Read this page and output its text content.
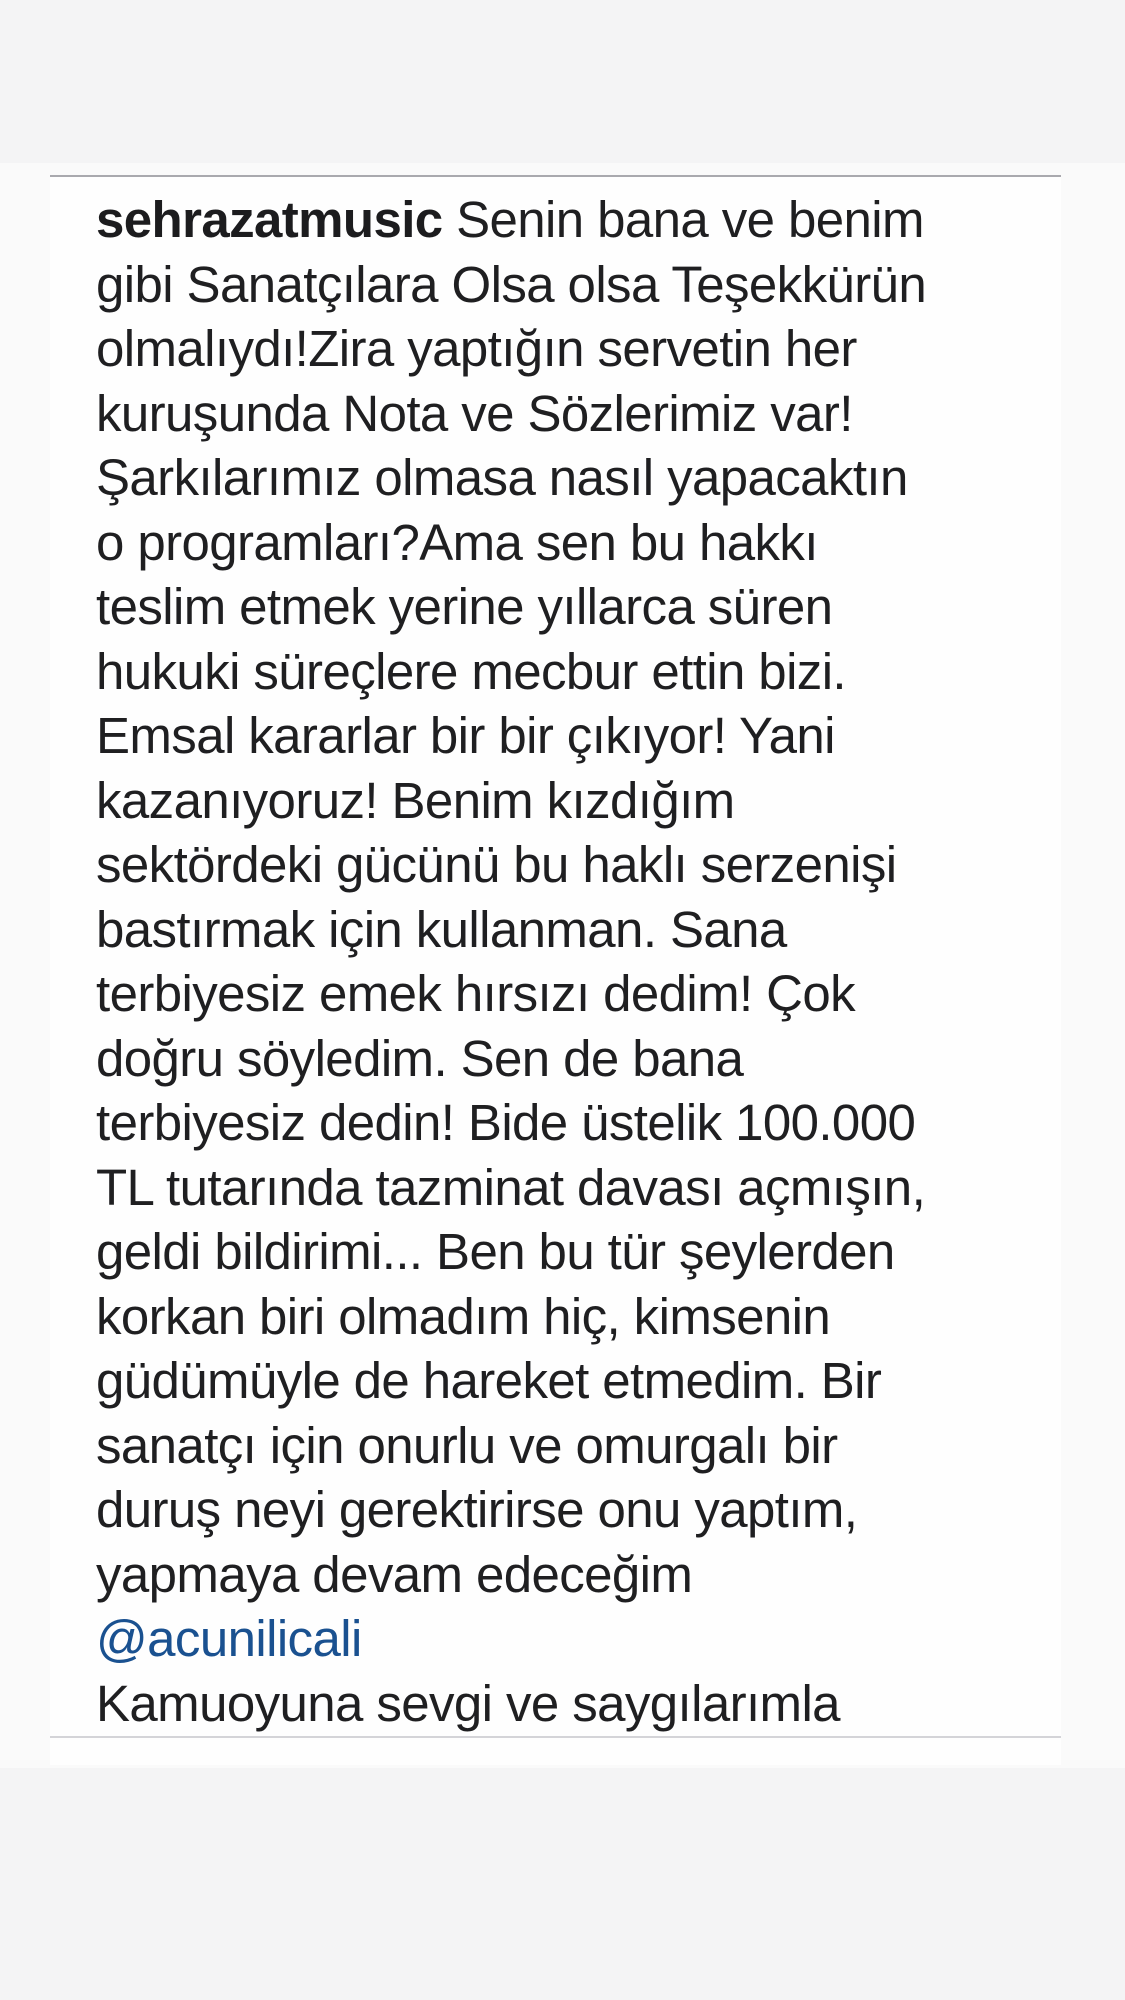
sehrazatmusic Senin bana ve benim
gibi Sanatçılara Olsa olsa Teşekkürün
olmalıydı!Zira yaptığın servetin her
kuruşunda Nota ve Sözlerimiz var!
Şarkılarımız olmasa nasıl yapacaktın
o programları?Ama sen bu hakkı
teslim etmek yerine yıllarca süren
hukuki süreçlere mecbur ettin bizi.
Emsal kararlar bir bir çıkıyor! Yani
kazanıyoruz! Benim kızdığım
sektördeki gücünü bu haklı serzenişi
bastırmak için kullanman. Sana
terbiyesiz emek hırsızı dedim! Çok
doğru söyledim. Sen de bana
terbiyesiz dedin! Bide üstelik 100.000
TL tutarında tazminat davası açmışın,
geldi bildirimi... Ben bu tür şeylerden
korkan biri olmadım hiç, kimsenin
güdümüyle de hareket etmedim. Bir
sanatçı için onurlu ve omurgalı bir
duruş neyi gerektirirse onu yaptım,
yapmaya devam edeceğim
@acunilicali
Kamuoyuna sevgi ve saygılarımla
